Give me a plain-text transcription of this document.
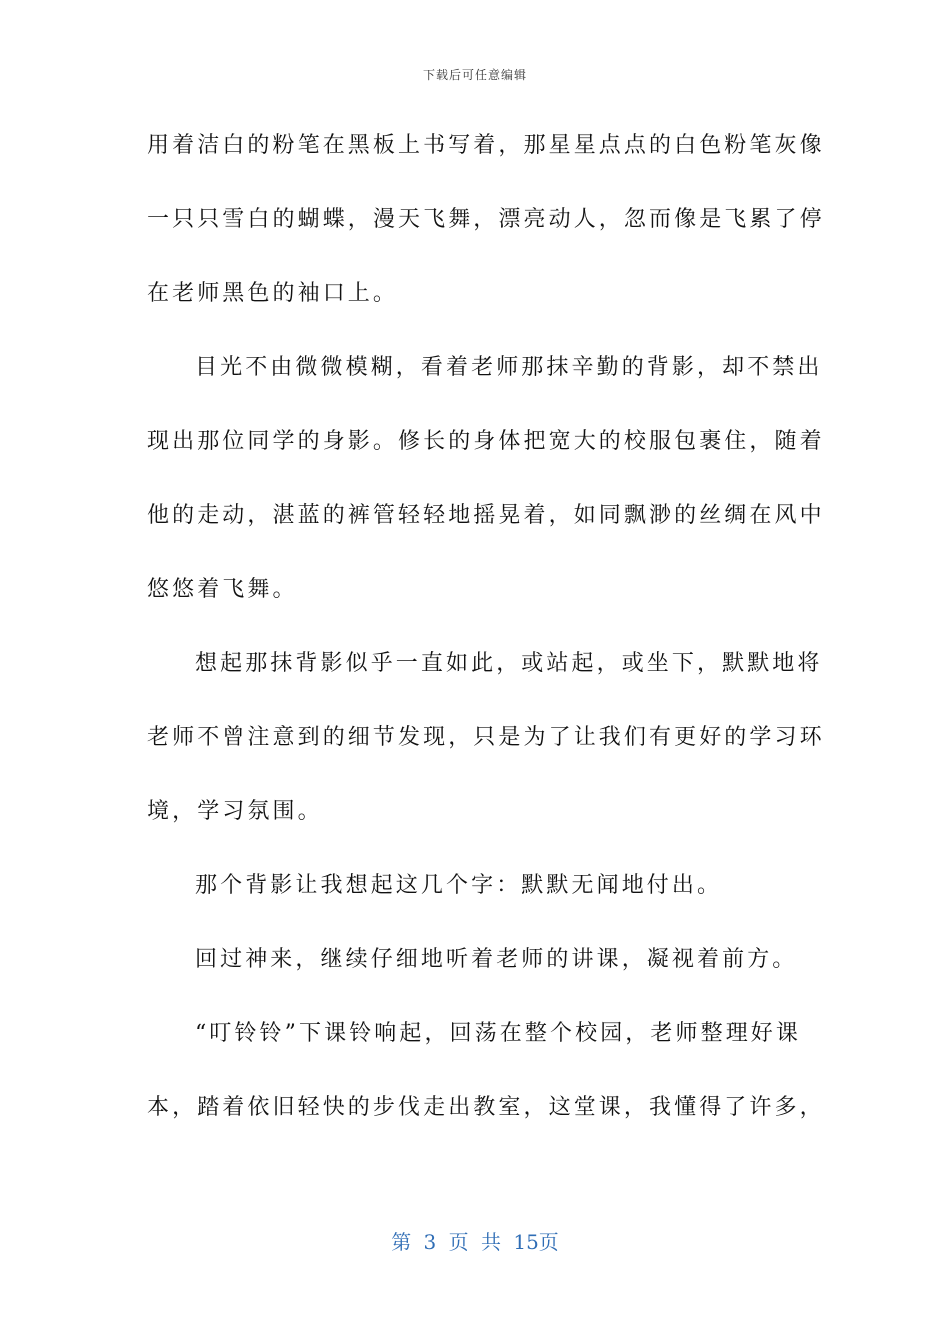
下载后可任意编辑
用着洁白的粉笔在黑板上书写着，那星星点点的白色粉笔灰像
一只只雪白的蝴蝶，漫天飞舞，漂亮动人，忽而像是飞累了停
在老师黑色的袖口上。
目光不由微微模糊，看着老师那抹辛勤的背影，却不禁出
现出那位同学的身影。修长的身体把宽大的校服包裹住，随着
他的走动，湛蓝的裤管轻轻地摇晃着，如同飘渺的丝绸在风中
悠悠着飞舞。
想起那抹背影似乎一直如此，或站起，或坐下，默默地将
老师不曾注意到的细节发现，只是为了让我们有更好的学习环
境，学习氛围。
那个背影让我想起这几个字：默默无闻地付出。
回过神来，继续仔细地听着老师的讲课，凝视着前方。
“叮铃铃”下课铃响起，回荡在整个校园，老师整理好课
本，踏着依旧轻快的步伐走出教室，这堂课，我懂得了许多，
第 3 页 共 15页
